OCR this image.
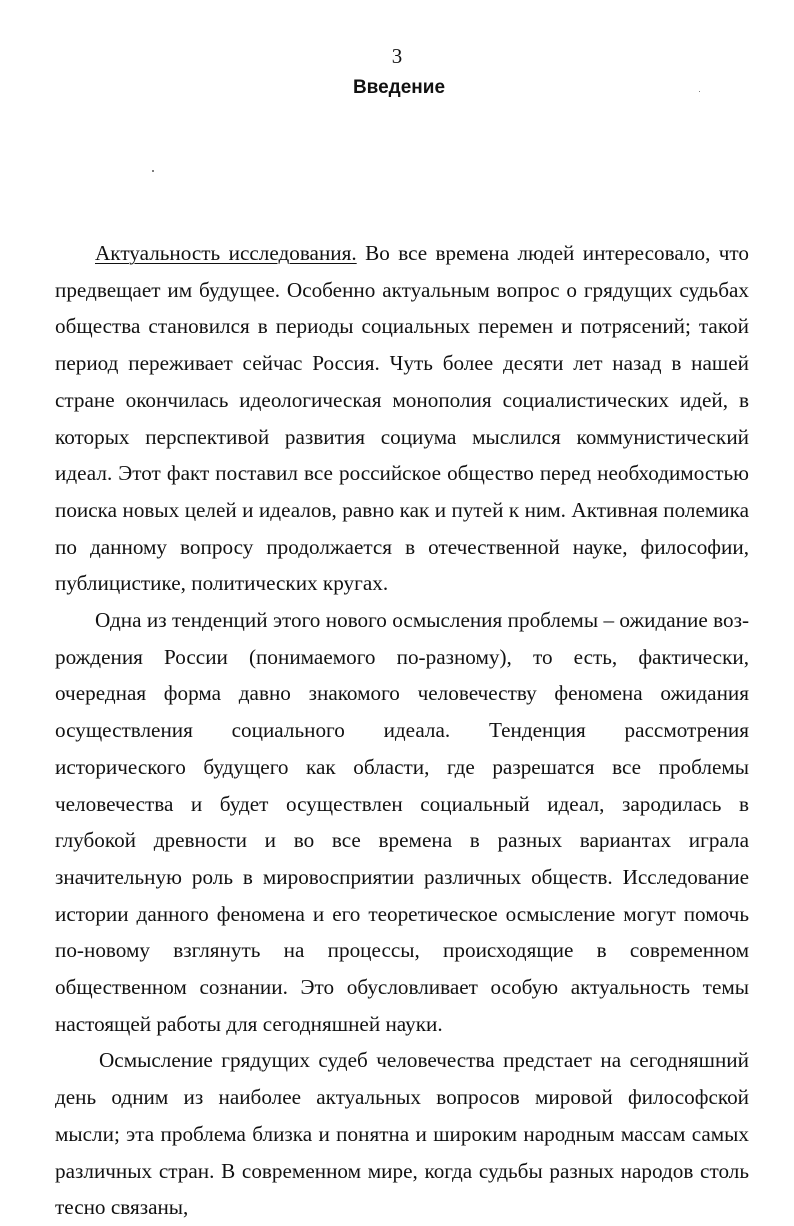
3
Введение

Актуальность исследования. Во все времена людей интересовало, что предвещает им будущее. Особенно актуальным вопрос о грядущих судьбах общества становился в периоды социальных перемен и потрясений; такой период переживает сейчас Россия. Чуть более десяти лет назад в нашей стране окончилась идеологическая монополия социалистических идей, в которых перспективой развития социума мыслился коммунистический идеал. Этот факт поставил все российское общество перед необходимостью поиска новых целей и идеалов, равно как и путей к ним. Активная полемика по данному вопросу продолжается в отечественной науке, философии, публицистике, политических кругах.

Одна из тенденций этого нового осмысления проблемы – ожидание возрождения России (понимаемого по-разному), то есть, фактически, очередная форма давно знакомого человечеству феномена ожидания осуществления социального идеала. Тенденция рассмотрения исторического будущего как области, где разрешатся все проблемы человечества и будет осуществлен социальный идеал, зародилась в глубокой древности и во все времена в разных вариантах играла значительную роль в мировосприятии различных обществ. Исследование истории данного феномена и его теоретическое осмысление могут помочь по-новому взглянуть на процессы, происходящие в современном общественном сознании. Это обусловливает особую актуальность темы настоящей работы для сегодняшней науки.

Осмысление грядущих судеб человечества предстает на сегодняшний день одним из наиболее актуальных вопросов мировой философской мысли; эта проблема близка и понятна и широким народным массам самых различных стран. В современном мире, когда судьбы разных народов столь тесно связаны,
